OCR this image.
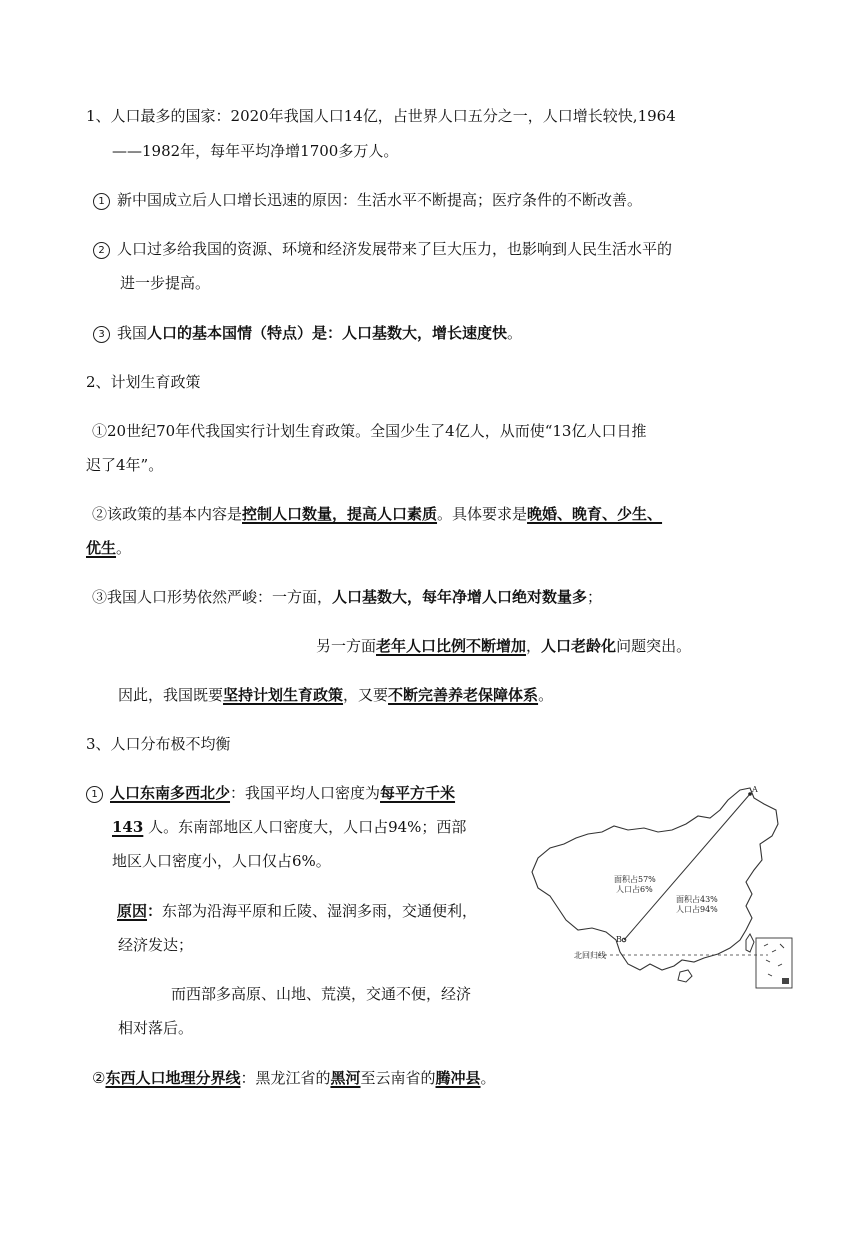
1、人口最多的国家：2020年我国人口14亿，占世界人口五分之一，人口增长较快,1964
——1982年，每年平均净增1700多万人。
1 新中国成立后人口增长迅速的原因：生活水平不断提高；医疗条件的不断改善。
2 人口过多给我国的资源、环境和经济发展带来了巨大压力，也影响到人民生活水平的
进一步提高。
3 我国人口的基本国情（特点）是：人口基数大，增长速度快。
2、计划生育政策
①20世纪70年代我国实行计划生育政策。全国少生了4亿人，从而使“13亿人口日推
迟了4年”。
②该政策的基本内容是控制人口数量，提高人口素质。具体要求是晚婚、晚育、少生、
优生。
③我国人口形势依然严峻：一方面，人口基数大，每年净增人口绝对数量多；
另一方面老年人口比例不断增加，人口老龄化问题突出。
因此，我国既要坚持计划生育政策，又要不断完善养老保障体系。
3、人口分布极不均衡
1 人口东南多西北少：我国平均人口密度为每平方千米
143 人。东南部地区人口密度大，人口占94%；西部
地区人口密度小，人口仅占6%。
原因：东部为沿海平原和丘陵、湿润多雨，交通便利，
经济发达；
而西部多高原、山地、荒漠，交通不便，经济
相对落后。
②东西人口地理分界线：黑龙江省的黑河至云南省的腾冲县。
A
B
面积占57%
人口占6%
面积占43%
人口占94%
北回归线
